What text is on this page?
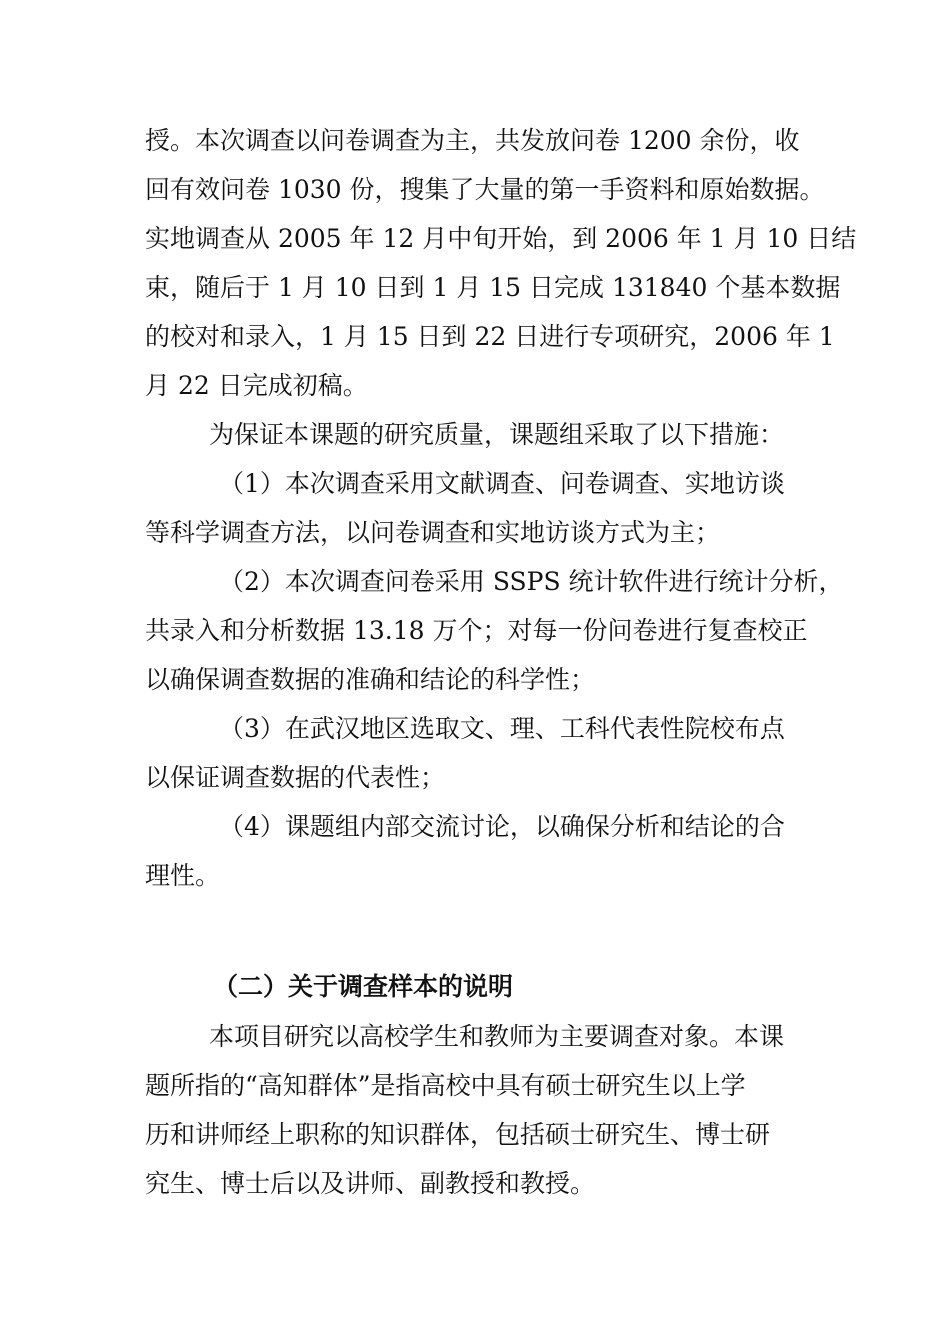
授。本次调查以问卷调查为主，共发放问卷 1200 余份，收
回有效问卷 1030 份，搜集了大量的第一手资料和原始数据。
实地调查从 2005 年 12 月中旬开始，到 2006 年 1 月 10 日结
束，随后于 1 月 10 日到 1 月 15 日完成 131840 个基本数据
的校对和录入，1 月 15 日到 22 日进行专项研究，2006 年 1
月 22 日完成初稿。
为保证本课题的研究质量，课题组采取了以下措施：
（1）本次调查采用文献调查、问卷调查、实地访谈
等科学调查方法，以问卷调查和实地访谈方式为主；
（2）本次调查问卷采用 SSPS 统计软件进行统计分析，
共录入和分析数据 13.18 万个；对每一份问卷进行复查校正
以确保调查数据的准确和结论的科学性；
（3）在武汉地区选取文、理、工科代表性院校布点
以保证调查数据的代表性；
（4）课题组内部交流讨论，以确保分析和结论的合
理性。
（二）关于调查样本的说明
本项目研究以高校学生和教师为主要调查对象。本课
题所指的“高知群体”是指高校中具有硕士研究生以上学
历和讲师经上职称的知识群体，包括硕士研究生、博士研
究生、博士后以及讲师、副教授和教授。
